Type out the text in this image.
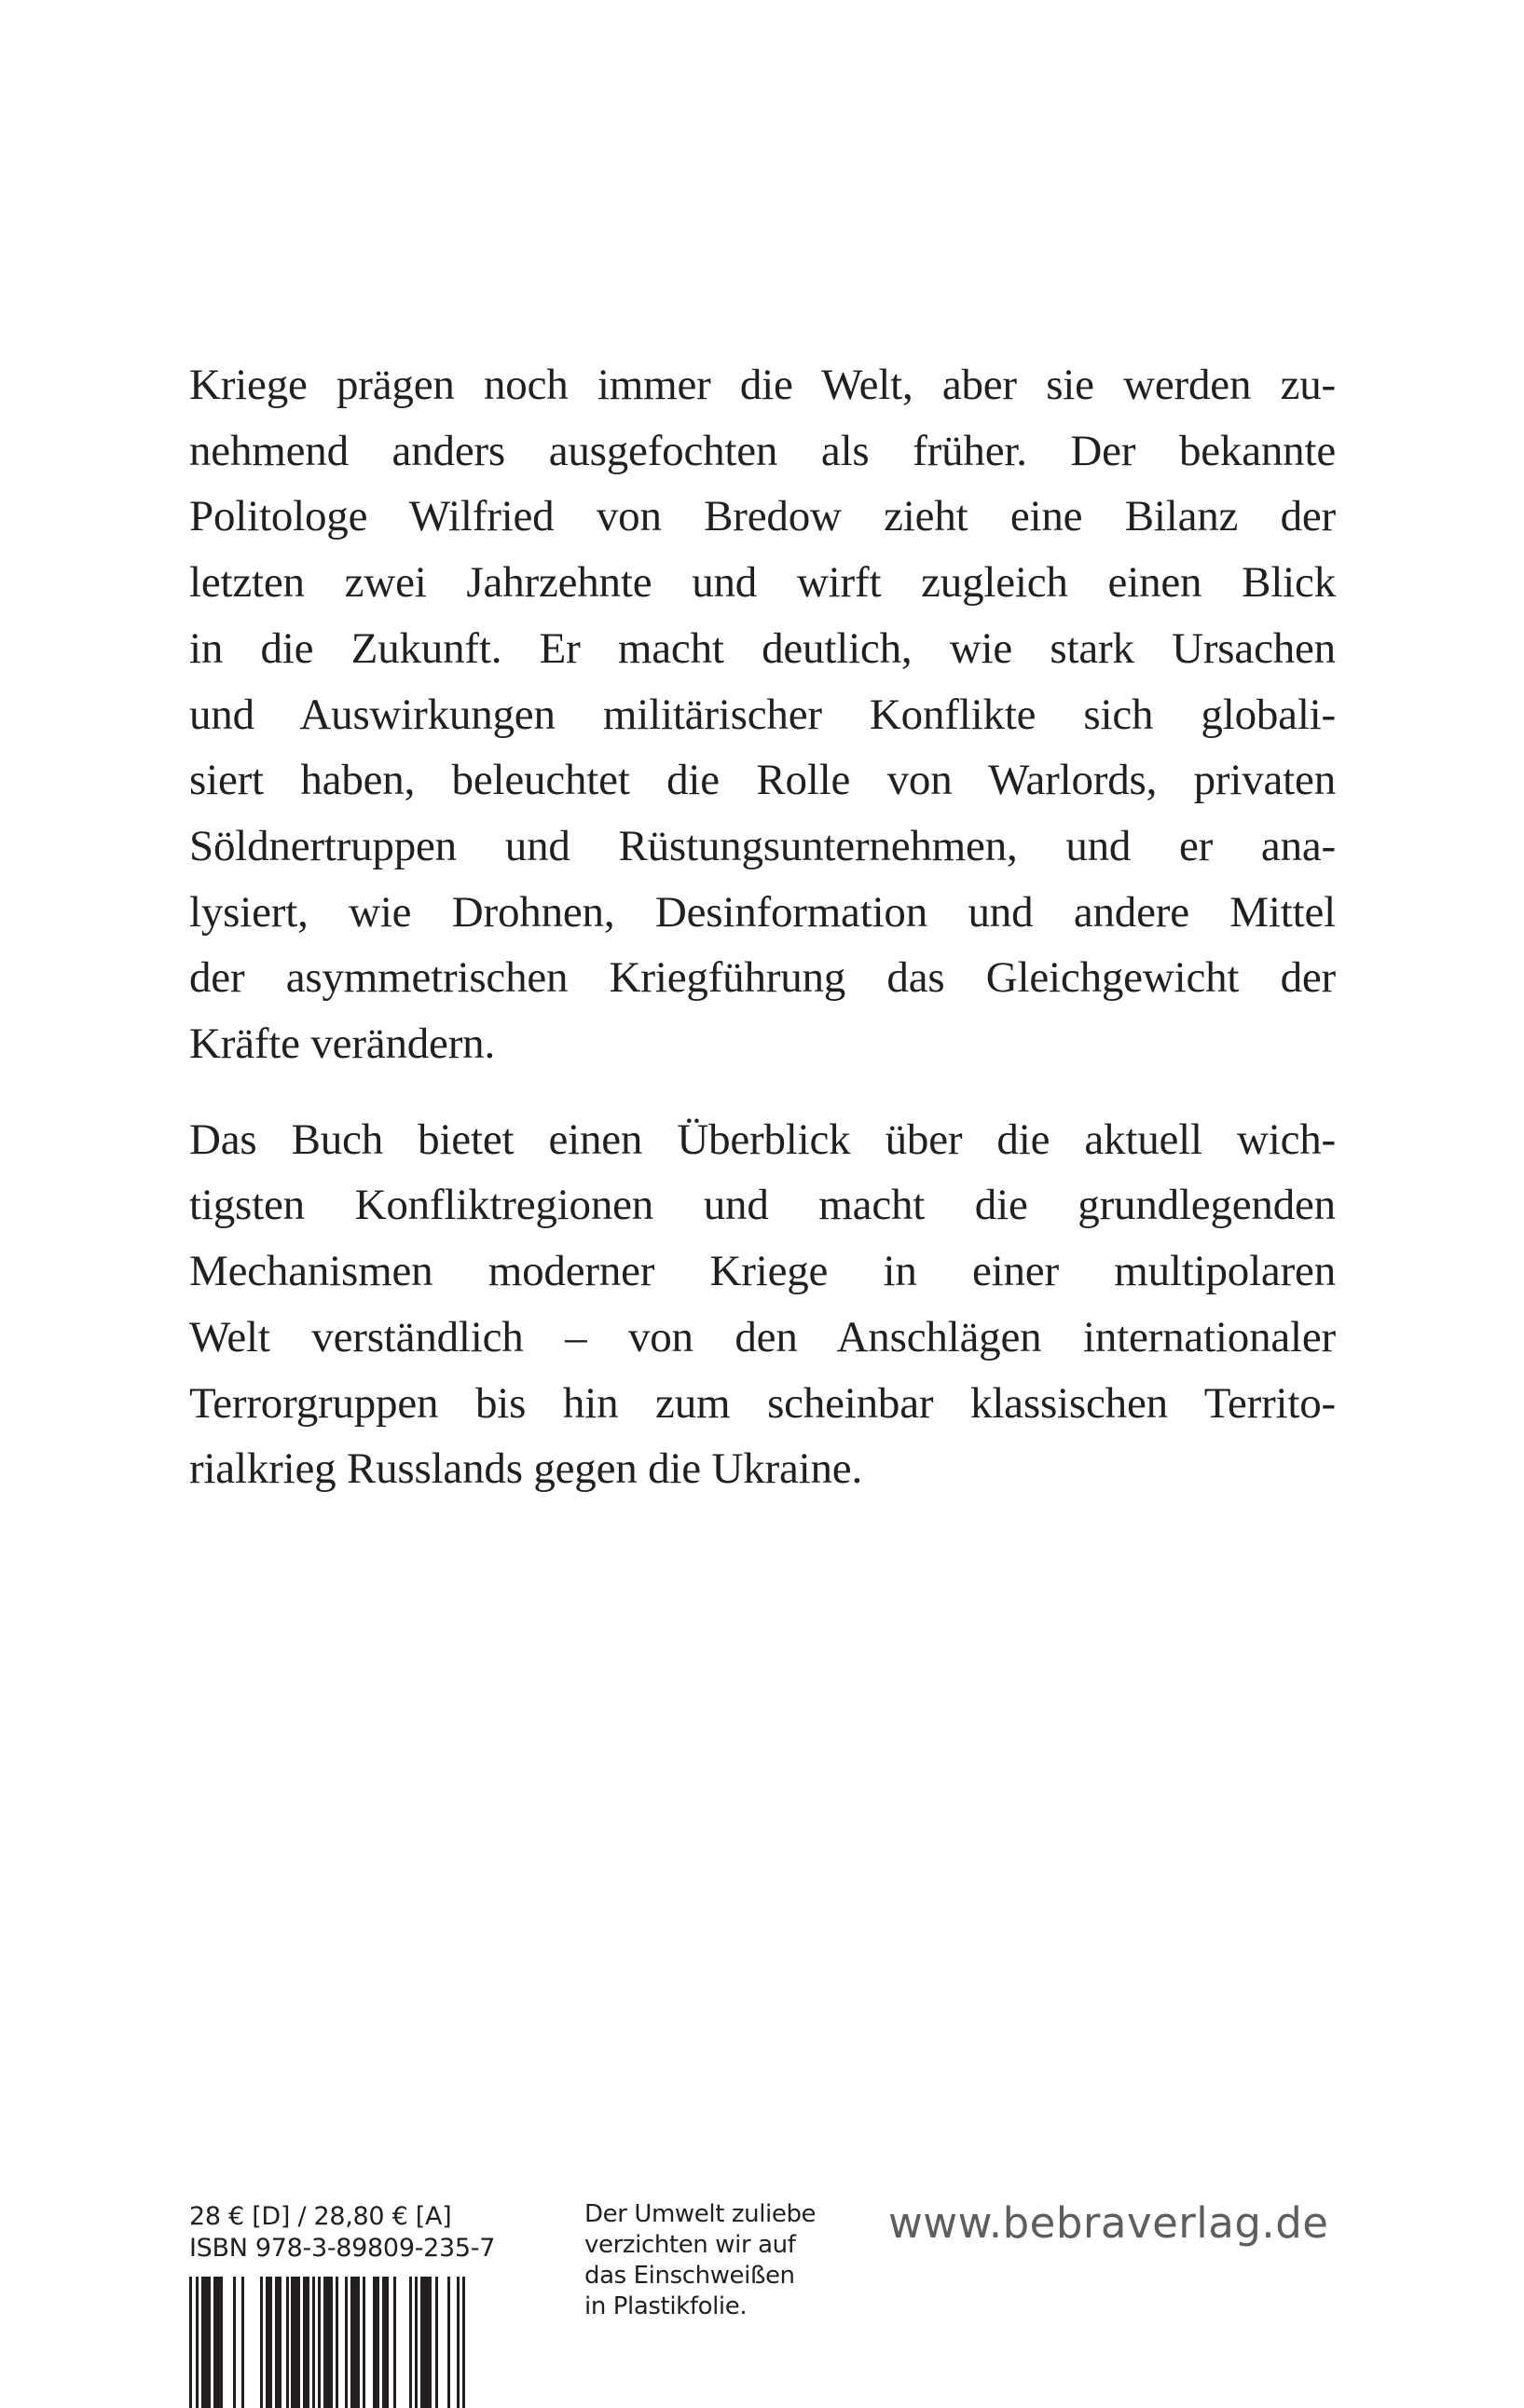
Kriege prägen noch immer die Welt, aber sie werden zu-
nehmend anders ausgefochten als früher. Der bekannte
Politologe Wilfried von Bredow zieht eine Bilanz der
letzten zwei Jahrzehnte und wirft zugleich einen Blick
in die Zukunft. Er macht deutlich, wie stark Ursachen
und Auswirkungen militärischer Konflikte sich globali-
siert haben, beleuchtet die Rolle von Warlords, privaten
Söldnertruppen und Rüstungsunternehmen, und er ana-
lysiert, wie Drohnen, Desinformation und andere Mittel
der asymmetrischen Kriegführung das Gleichgewicht der
Kräfte verändern.

Das Buch bietet einen Überblick über die aktuell wich-
tigsten Konfliktregionen und macht die grundlegenden
Mechanismen moderner Kriege in einer multipolaren
Welt verständlich – von den Anschlägen internationaler
Terrorgruppen bis hin zum scheinbar klassischen Territo-
rialkrieg Russlands gegen die Ukraine.

28 € [D] / 28,80 € [A]
ISBN 978-3-89809-235-7
Der Umwelt zuliebe
verzichten wir auf
das Einschweißen
in Plastikfolie.
www.bebraverlag.de
